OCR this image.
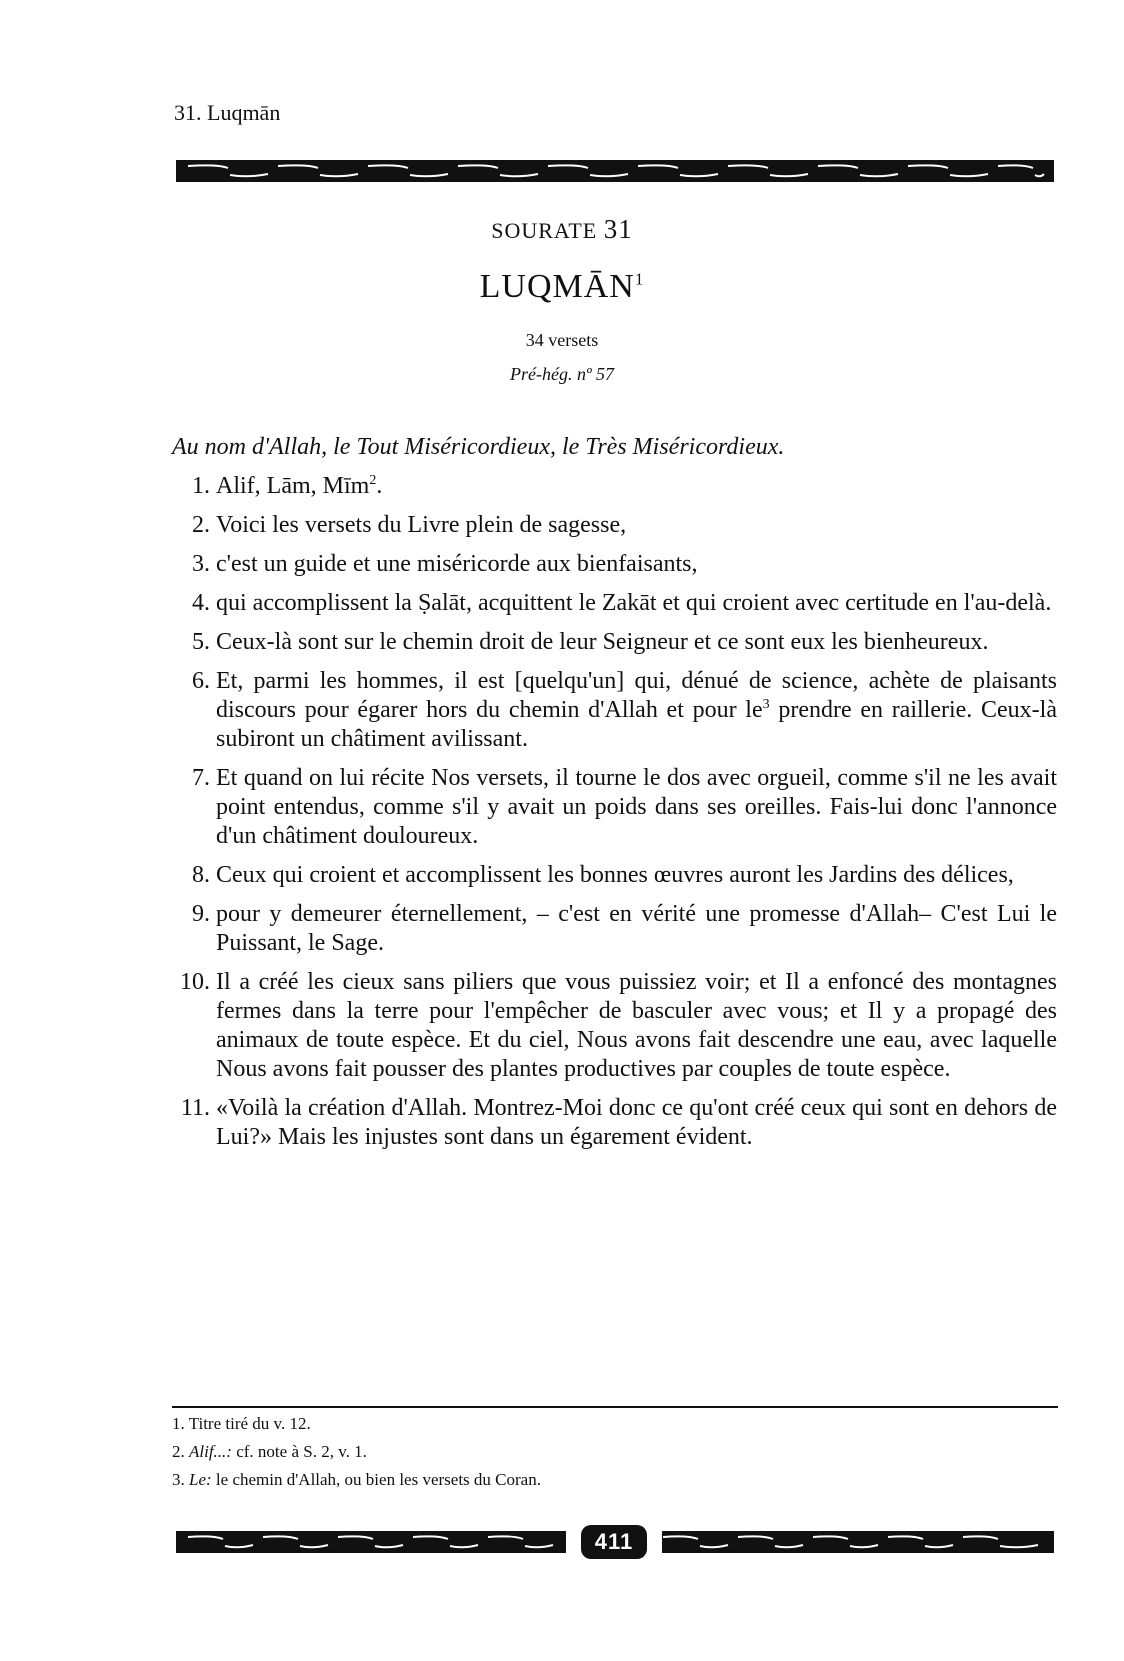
31. Luqmān
SOURATE 31
LUQMĀN$^1$
34 versets
Pré-hég. nº 57
Au nom d'Allah, le Tout Miséricordieux, le Très Miséricordieux.
1. Alif, Lām, Mīm$^2$.
2. Voici les versets du Livre plein de sagesse,
3. c'est un guide et une miséricorde aux bienfaisants,
4. qui accomplissent la Ṣalāt, acquittent le Zakāt et qui croient avec certitude en l'au-delà.
5. Ceux-là sont sur le chemin droit de leur Seigneur et ce sont eux les bienheureux.
6. Et, parmi les hommes, il est [quelqu'un] qui, dénué de science, achète de plaisants discours pour égarer hors du chemin d'Allah et pour $le^3$ prendre en raillerie. Ceux-là subiront un châtiment avilissant.
7. Et quand on lui récite Nos versets, il tourne le dos avec orgueil, comme s'il ne les avait point entendus, comme s'il y avait un poids dans ses oreilles. Fais-lui donc l'annonce d'un châtiment douloureux.
8. Ceux qui croient et accomplissent les bonnes œuvres auront les Jardins des délices,
9. pour y demeurer éternellement, – c'est en vérité une promesse d'Allah– C'est Lui le Puissant, le Sage.
10. Il a créé les cieux sans piliers que vous puissiez voir; et Il a enfoncé des montagnes fermes dans la terre pour l'empêcher de basculer avec vous; et Il y a propagé des animaux de toute espèce. Et du ciel, Nous avons fait descendre une eau, avec laquelle Nous avons fait pousser des plantes productives par couples de toute espèce.
11. «Voilà la création d'Allah. Montrez-Moi donc ce qu'ont créé ceux qui sont en dehors de Lui?» Mais les injustes sont dans un égarement évident.
1. Titre tiré du v. 12.
2. Alif...: cf. note à S. 2, v. 1.
3. Le: le chemin d'Allah, ou bien les versets du Coran.
411
